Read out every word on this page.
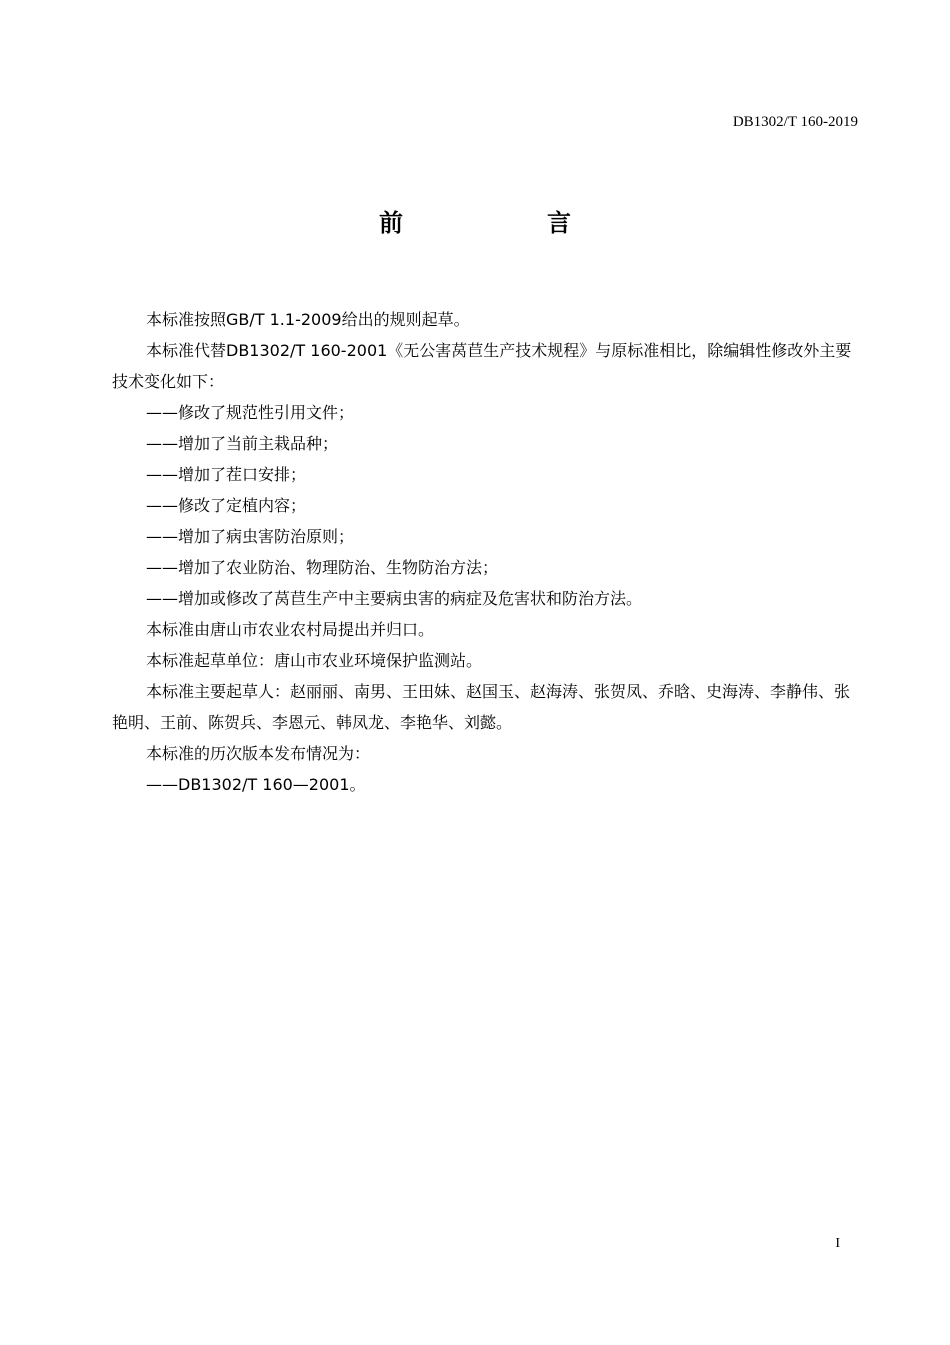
DB1302/T 160-2019
前　言

本标准按照GB/T 1.1-2009给出的规则起草。

本标准代替DB1302/T 160-2001《无公害莴苣生产技术规程》与原标准相比，除编辑性修改外主要技术变化如下：

——修改了规范性引用文件；

——增加了当前主栽品种；

——增加了茬口安排；

——修改了定植内容；

——增加了病虫害防治原则；

——增加了农业防治、物理防治、生物防治方法；

——增加或修改了莴苣生产中主要病虫害的病症及危害状和防治方法。

本标准由唐山市农业农村局提出并归口。

本标准起草单位：唐山市农业环境保护监测站。

本标准主要起草人：赵丽丽、南男、王田妹、赵国玉、赵海涛、张贺凤、乔晗、史海涛、李静伟、张艳明、王前、陈贺兵、李恩元、韩凤龙、李艳华、刘懿。

本标准的历次版本发布情况为：

——DB1302/T 160—2001。

I
